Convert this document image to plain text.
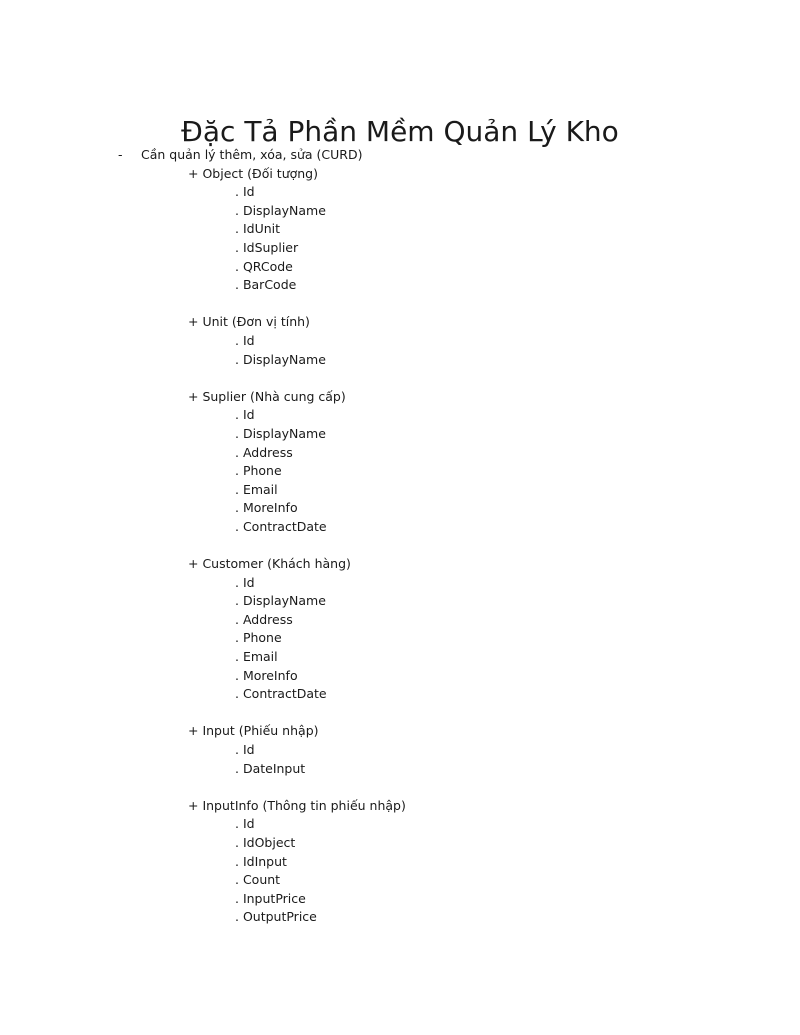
Đặc Tả Phần Mềm Quản Lý Kho
- Cần quản lý thêm, xóa, sửa (CURD)
+ Object (Đối tượng)
. Id
. DisplayName
. IdUnit
. IdSuplier
. QRCode
. BarCode
+ Unit (Đơn vị tính)
. Id
. DisplayName
+ Suplier (Nhà cung cấp)
. Id
. DisplayName
. Address
. Phone
. Email
. MoreInfo
. ContractDate
+ Customer (Khách hàng)
. Id
. DisplayName
. Address
. Phone
. Email
. MoreInfo
. ContractDate
+ Input (Phiếu nhập)
. Id
. DateInput
+ InputInfo (Thông tin phiếu nhập)
. Id
. IdObject
. IdInput
. Count
. InputPrice
. OutputPrice
